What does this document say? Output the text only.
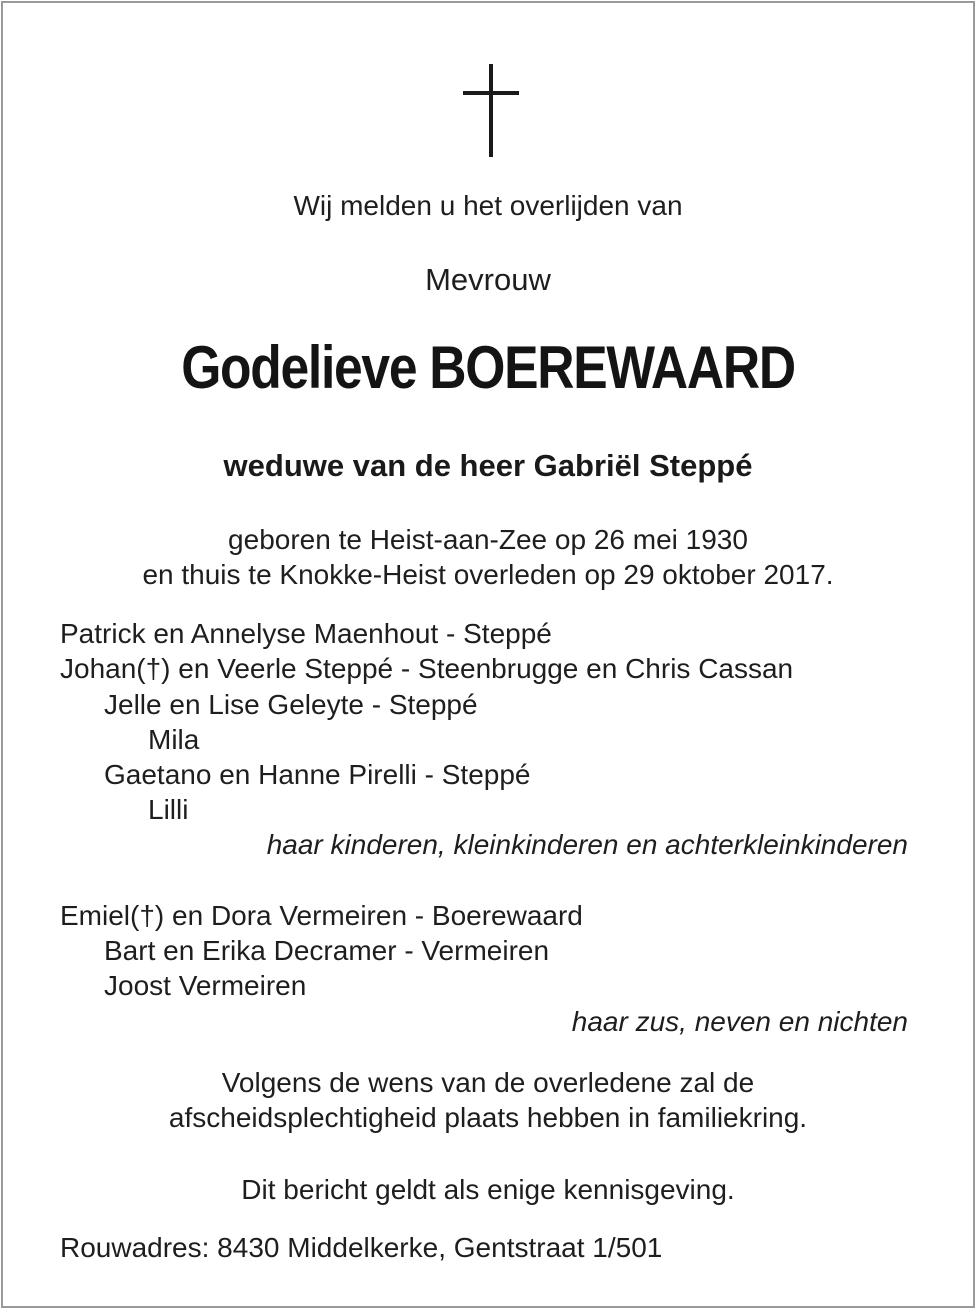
Wij melden u het overlijden van
Mevrouw
Godelieve BOEREWAARD
weduwe van de heer Gabriël Steppé
geboren te Heist-aan-Zee op 26 mei 1930
en thuis te Knokke-Heist overleden op 29 oktober 2017.
Patrick en Annelyse Maenhout - Steppé
Johan(†) en Veerle Steppé - Steenbrugge en Chris Cassan
Jelle en Lise Geleyte - Steppé
Mila
Gaetano en Hanne Pirelli - Steppé
Lilli
haar kinderen, kleinkinderen en achterkleinkinderen
Emiel(†) en Dora Vermeiren - Boerewaard
Bart en Erika Decramer - Vermeiren
Joost Vermeiren
haar zus, neven en nichten
Volgens de wens van de overledene zal de
afscheidsplechtigheid plaats hebben in familiekring.
Dit bericht geldt als enige kennisgeving.
Rouwadres: 8430 Middelkerke, Gentstraat 1/501
